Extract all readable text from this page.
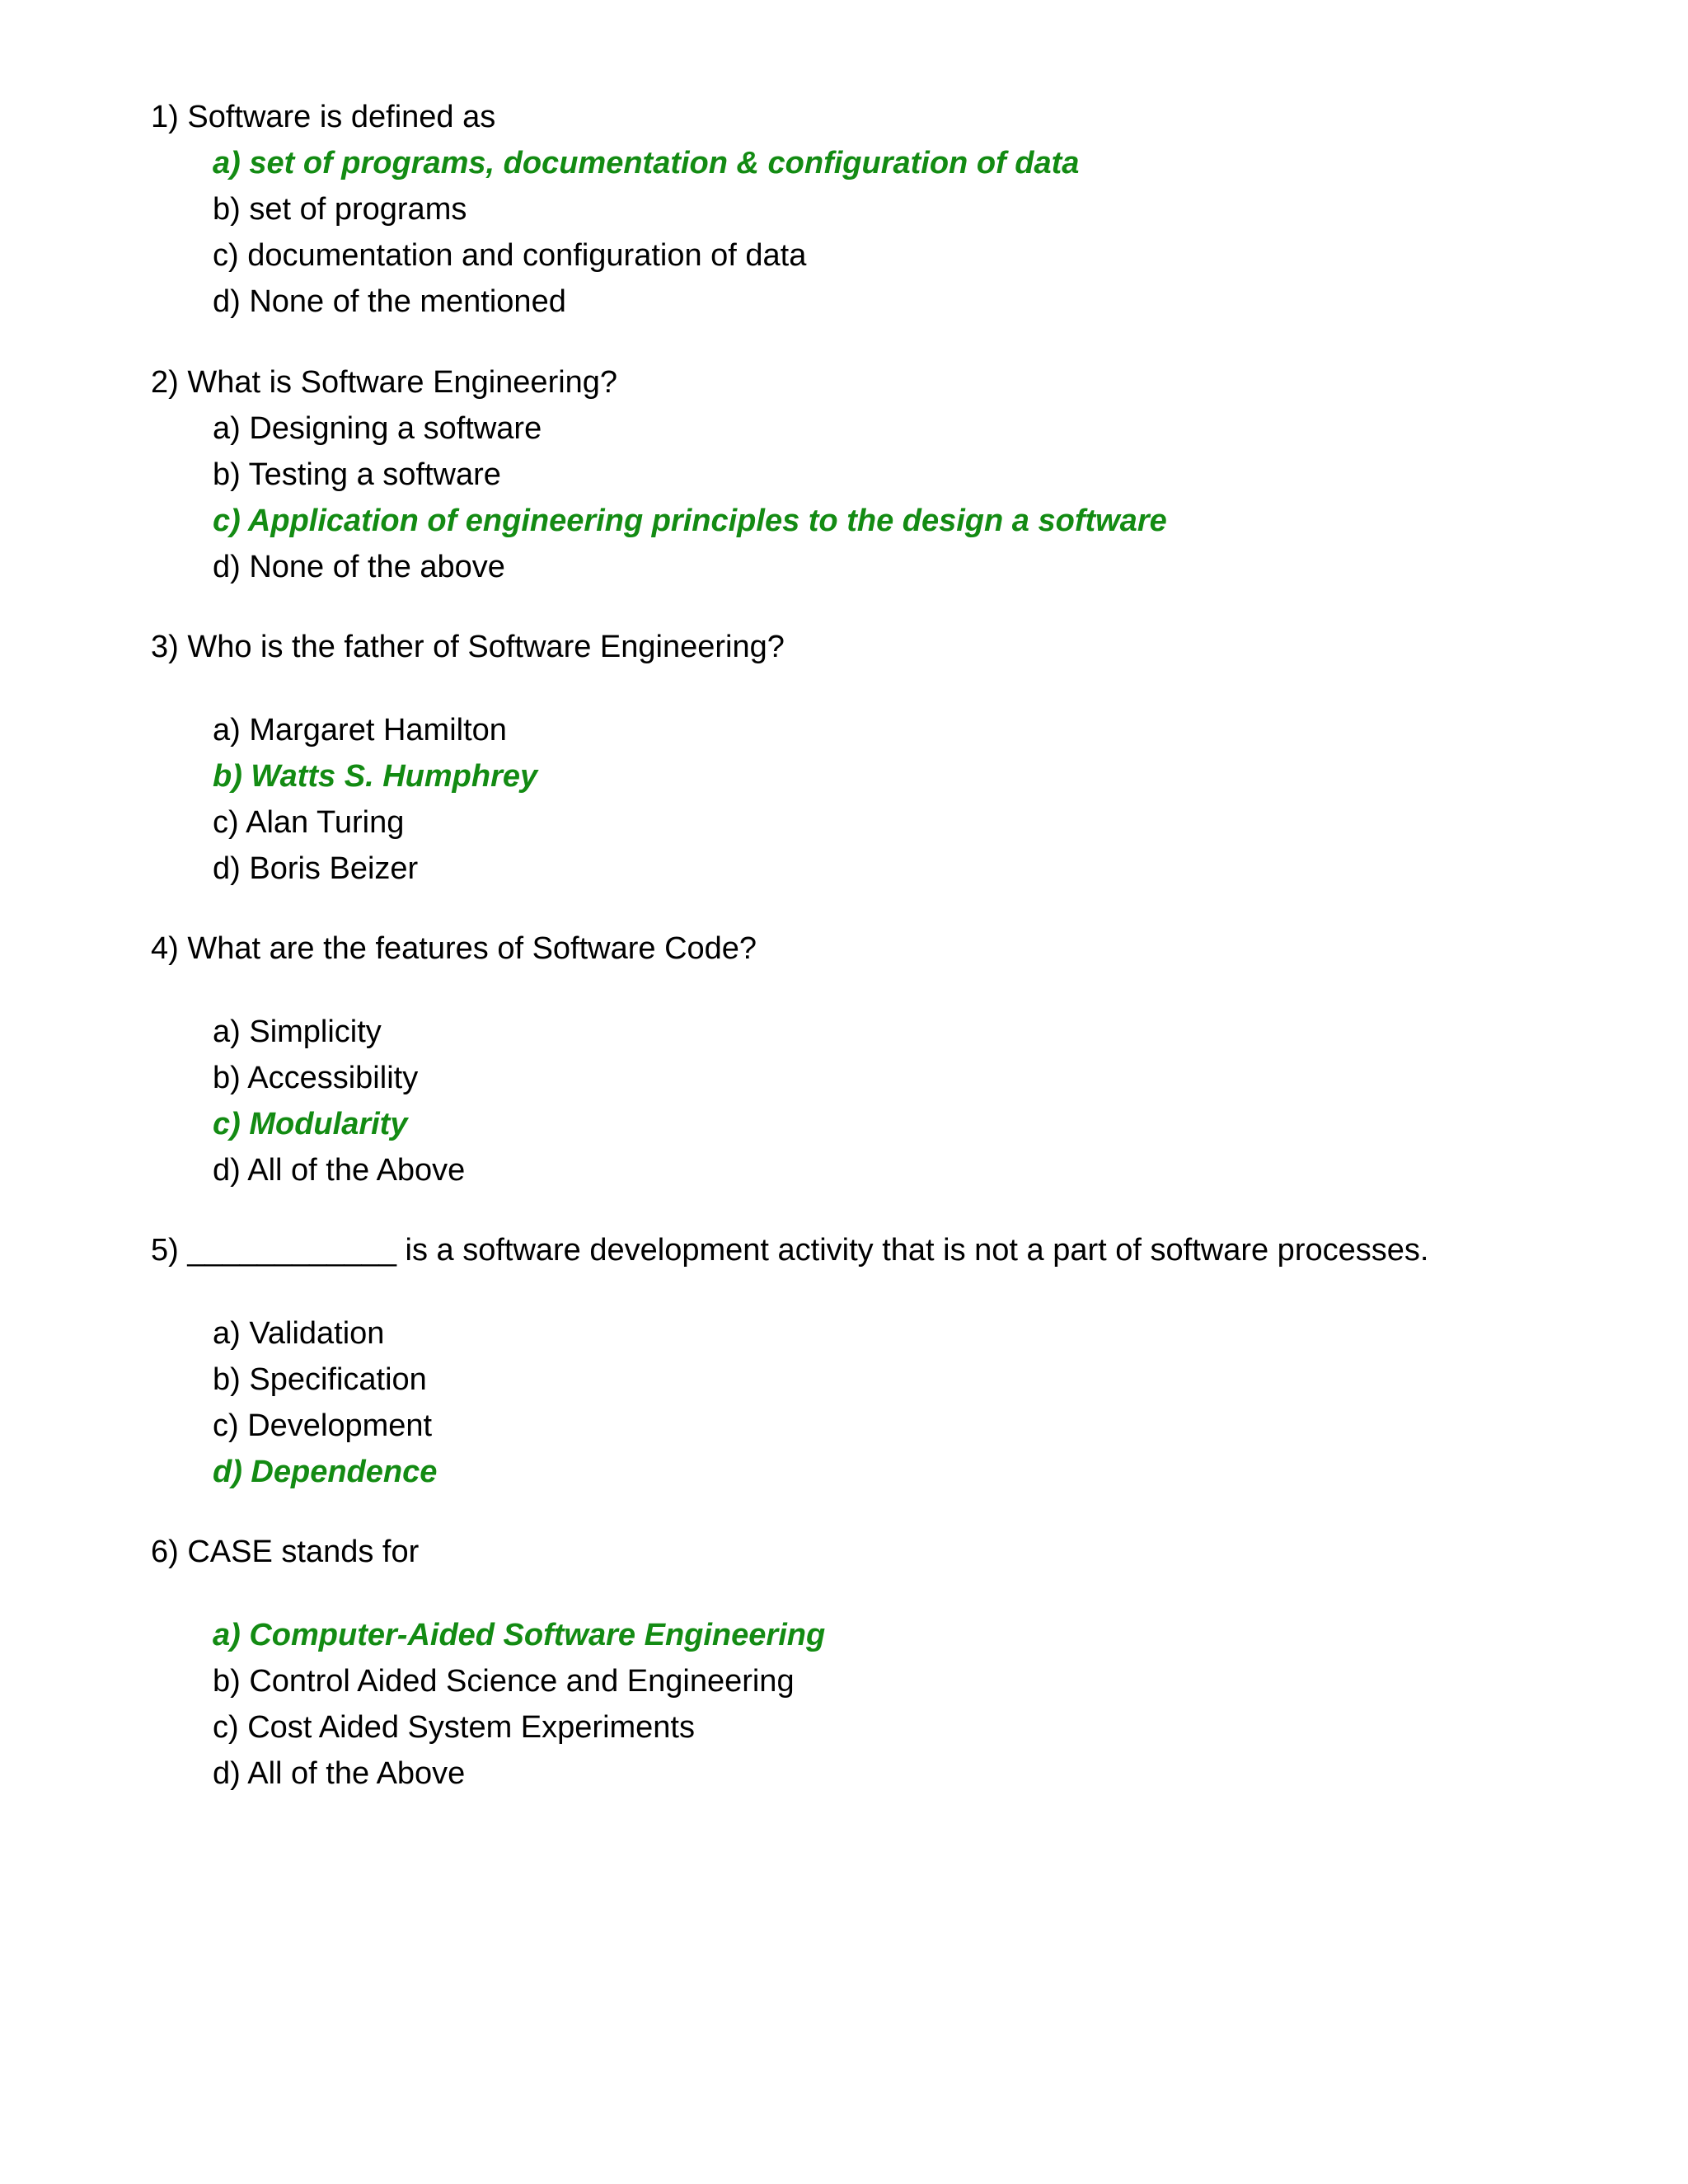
1) Software is defined as
a) set of programs, documentation & configuration of data
b) set of programs
c) documentation and configuration of data
d) None of the mentioned
2) What is Software Engineering?
a) Designing a software
b) Testing a software
c) Application of engineering principles to the design a software
d) None of the above
3) Who is the father of Software Engineering?
a) Margaret Hamilton
b) Watts S. Humphrey
c) Alan Turing
d) Boris Beizer
4) What are the features of Software Code?
a) Simplicity
b) Accessibility
c) Modularity
d) All of the Above
5) ____________ is a software development activity that is not a part of software processes.
a) Validation
b) Specification
c) Development
d) Dependence
6) CASE stands for
a) Computer-Aided Software Engineering
b) Control Aided Science and Engineering
c) Cost Aided System Experiments
d) All of the Above
